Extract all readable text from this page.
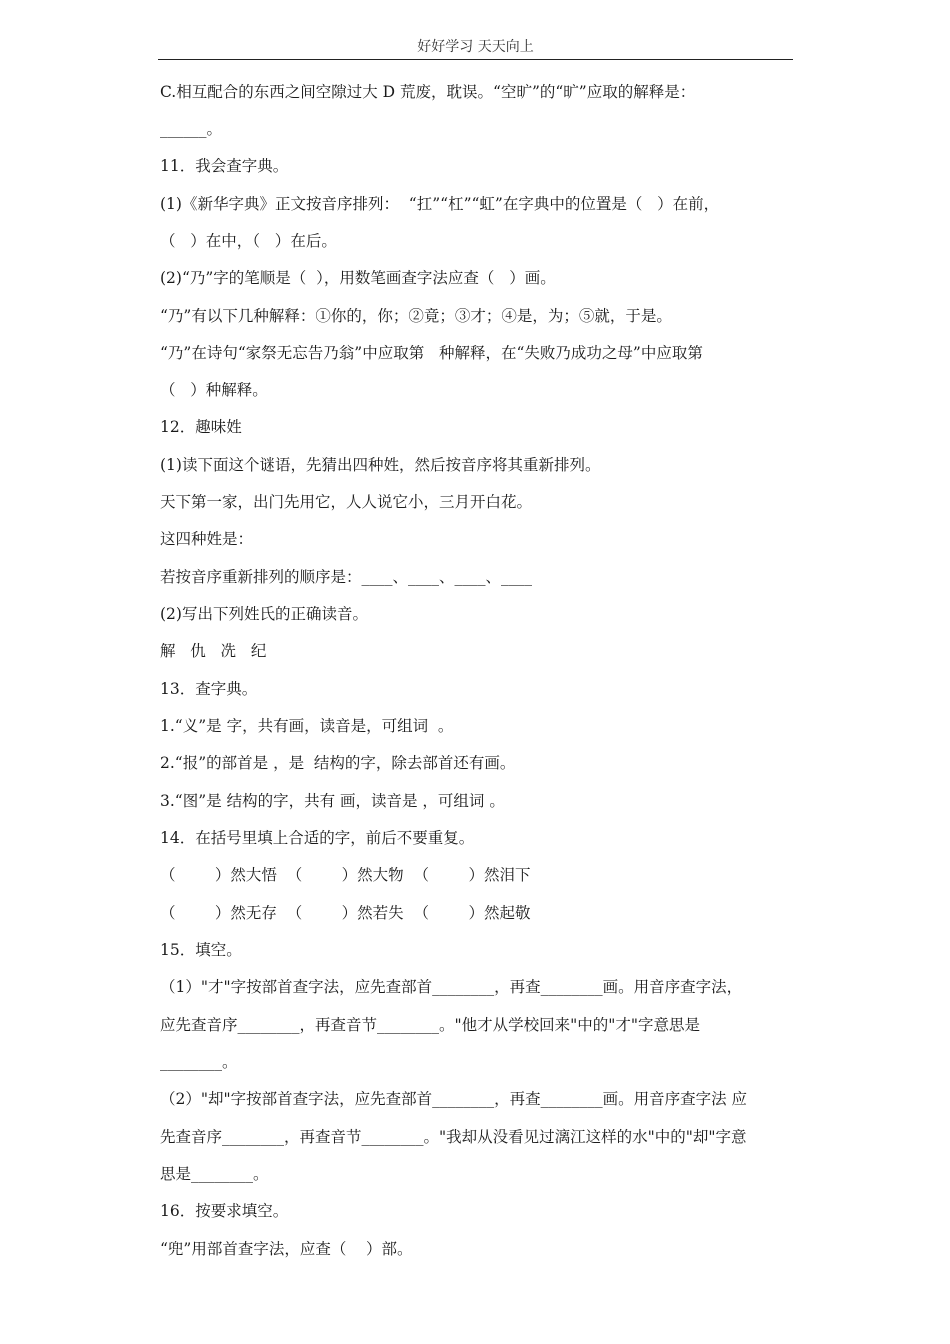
好好学习 天天向上
C.相互配合的东西之间空隙过大 D 荒废，耽误。“空旷”的“旷”应取的解释是：
______。
11．我会查字典。
(1)《新华字典》正文按音序排列：  “扛”“杠”“虹”在字典中的位置是（   ）在前，
（   ）在中，（   ）在后。
(2)“乃”字的笔顺是（  ），用数笔画查字法应查（   ）画。
“乃”有以下几种解释：①你的，你；②竟；③才；④是，为；⑤就，于是。
“乃”在诗句“家祭无忘告乃翁”中应取第   种解释，在“失败乃成功之母”中应取第
（   ）种解释。
12．趣味姓
(1)读下面这个谜语，先猜出四种姓，然后按音序将其重新排列。
天下第一家，出门先用它，人人说它小，三月开白花。
这四种姓是：
若按音序重新排列的顺序是：____、____、____、____
(2)写出下列姓氏的正确读音。
解   仇   冼   纪
13．查字典。
1.“义”是 字，共有画，读音是，可组词  。
2.“报”的部首是 ，是  结构的字，除去部首还有画。
3.“图”是 结构的字，共有 画，读音是 ，可组词 。
14．在括号里填上合适的字，前后不要重复。
（        ）然大悟  （        ）然大物  （        ）然泪下
（        ）然无存  （        ）然若失  （        ）然起敬
15．填空。
（1）"才"字按部首查字法，应先查部首________，再查________画。用音序查字法，
应先查音序________，再查音节________。"他才从学校回来"中的"才"字意思是
________。
（2）"却"字按部首查字法，应先查部首________，再查________画。用音序查字法 应
先查音序________，再查音节________。"我却从没看见过漓江这样的水"中的"却"字意
思是________。
16．按要求填空。
“兜”用部首查字法，应查（    ）部。
